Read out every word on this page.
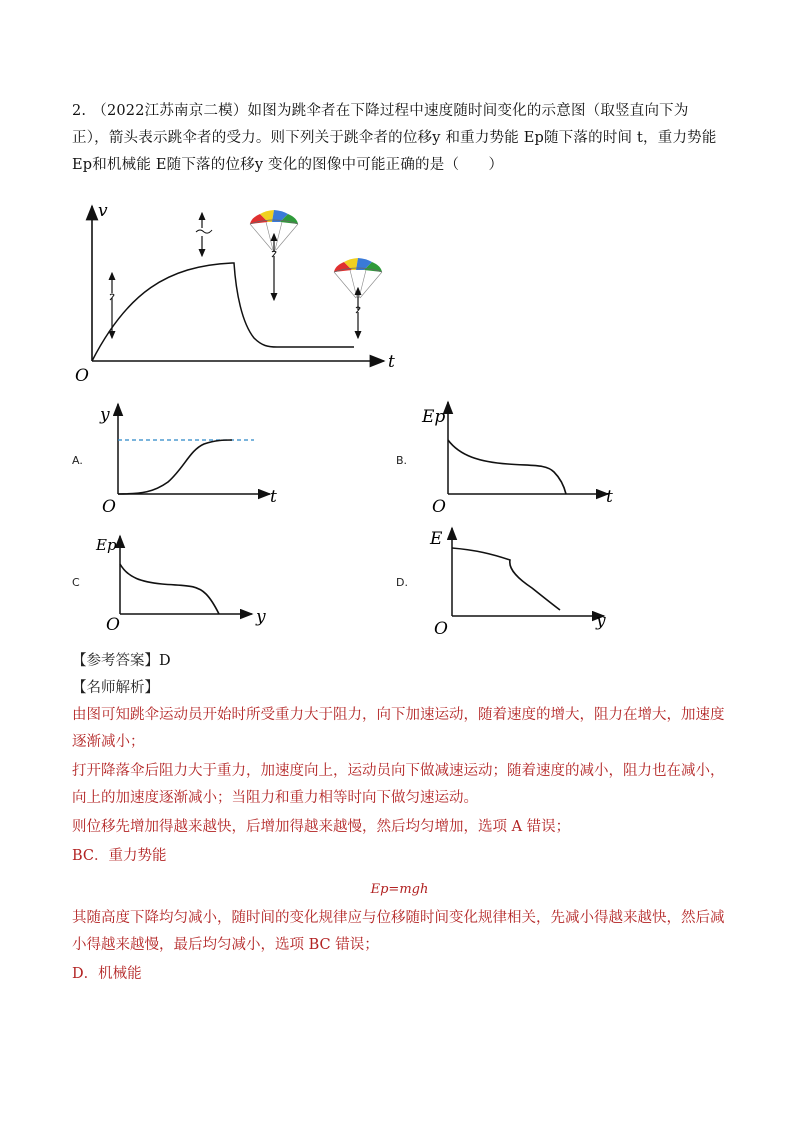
2. （2022江苏南京二模）如图为跳伞者在下降过程中速度随时间变化的示意图（取竖直向下为正），箭头表示跳伞者的受力。则下列关于跳伞者的位移y 和重力势能 Ep随下落的时间 t，重力势能 Ep和机械能 E随下落的位移y 变化的图像中可能正确的是（　　）
v
t
O
A.
y
t
O
B.
Ep
t
O
C
Ep
y
O
D.
E
y
O
【参考答案】D
【名师解析】
由图可知跳伞运动员开始时所受重力大于阻力，向下加速运动，随着速度的增大，阻力在增大，加速度逐渐减小；
打开降落伞后阻力大于重力，加速度向上，运动员向下做减速运动；随着速度的减小，阻力也在减小，向上的加速度逐渐减小；当阻力和重力相等时向下做匀速运动。
则位移先增加得越来越快，后增加得越来越慢，然后均匀增加，选项 A 错误；
BC．重力势能
Ep=mgh
其随高度下降均匀减小，随时间的变化规律应与位移随时间变化规律相关，先减小得越来越快，然后减小得越来越慢，最后均匀减小，选项 BC 错误；
D．机械能
